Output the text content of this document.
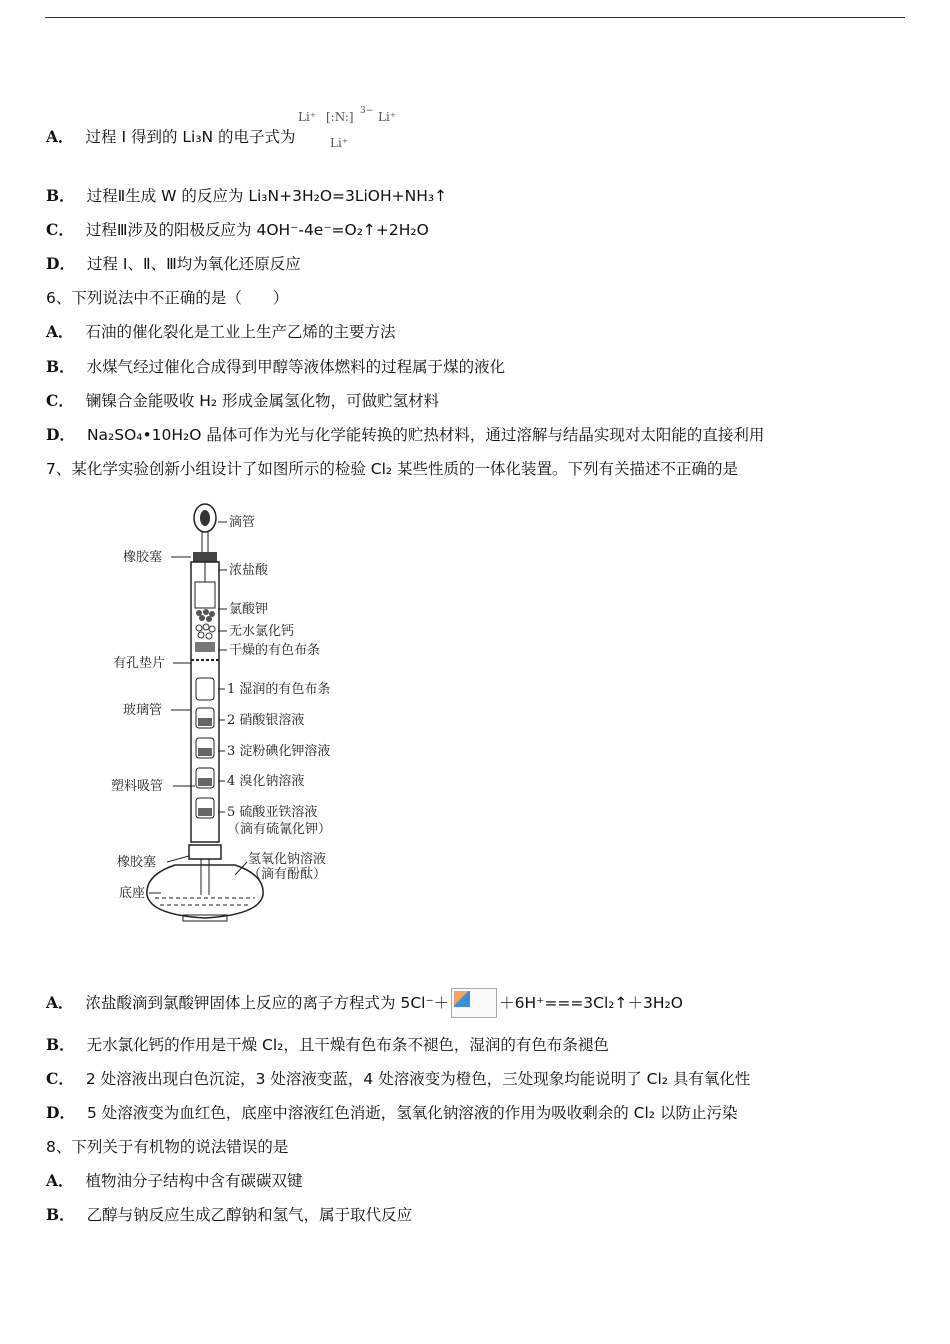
A． 过程 I 得到的 Li₃N 的电子式为
Li⁺ [:N:] 3− Li⁺
Li⁺
B． 过程Ⅱ生成 W 的反应为 Li₃N+3H₂O=3LiOH+NH₃↑
C． 过程Ⅲ涉及的阳极反应为 4OH⁻-4e⁻=O₂↑+2H₂O
D． 过程 I、Ⅱ、Ⅲ均为氧化还原反应
6、下列说法中不正确的是（　　）
A． 石油的催化裂化是工业上生产乙烯的主要方法
B． 水煤气经过催化合成得到甲醇等液体燃料的过程属于煤的液化
C． 镧镍合金能吸收 H₂ 形成金属氢化物，可做贮氢材料
D． Na₂SO₄•10H₂O 晶体可作为光与化学能转换的贮热材料，通过溶解与结晶实现对太阳能的直接利用
7、某化学实验创新小组设计了如图所示的检验 Cl₂ 某些性质的一体化装置。下列有关描述不正确的是
滴管
浓盐酸
氯酸钾
无水氯化钙
干燥的有色布条
1 湿润的有色布条
2 硝酸银溶液
3 淀粉碘化钾溶液
4 溴化钠溶液
5 硫酸亚铁溶液
（滴有硫氰化钾）
氢氧化钠溶液
（滴有酚酞）
橡胶塞
有孔垫片
玻璃管
塑料吸管
橡胶塞
底座
A． 浓盐酸滴到氯酸钾固体上反应的离子方程式为 5Cl⁻＋	＋6H⁺===3Cl₂↑＋3H₂O
B． 无水氯化钙的作用是干燥 Cl₂，且干燥有色布条不褪色，湿润的有色布条褪色
C． 2 处溶液出现白色沉淀，3 处溶液变蓝，4 处溶液变为橙色，三处现象均能说明了 Cl₂ 具有氧化性
D． 5 处溶液变为血红色，底座中溶液红色消逝，氢氧化钠溶液的作用为吸收剩余的 Cl₂ 以防止污染
8、下列关于有机物的说法错误的是
A． 植物油分子结构中含有碳碳双键
B． 乙醇与钠反应生成乙醇钠和氢气，属于取代反应
